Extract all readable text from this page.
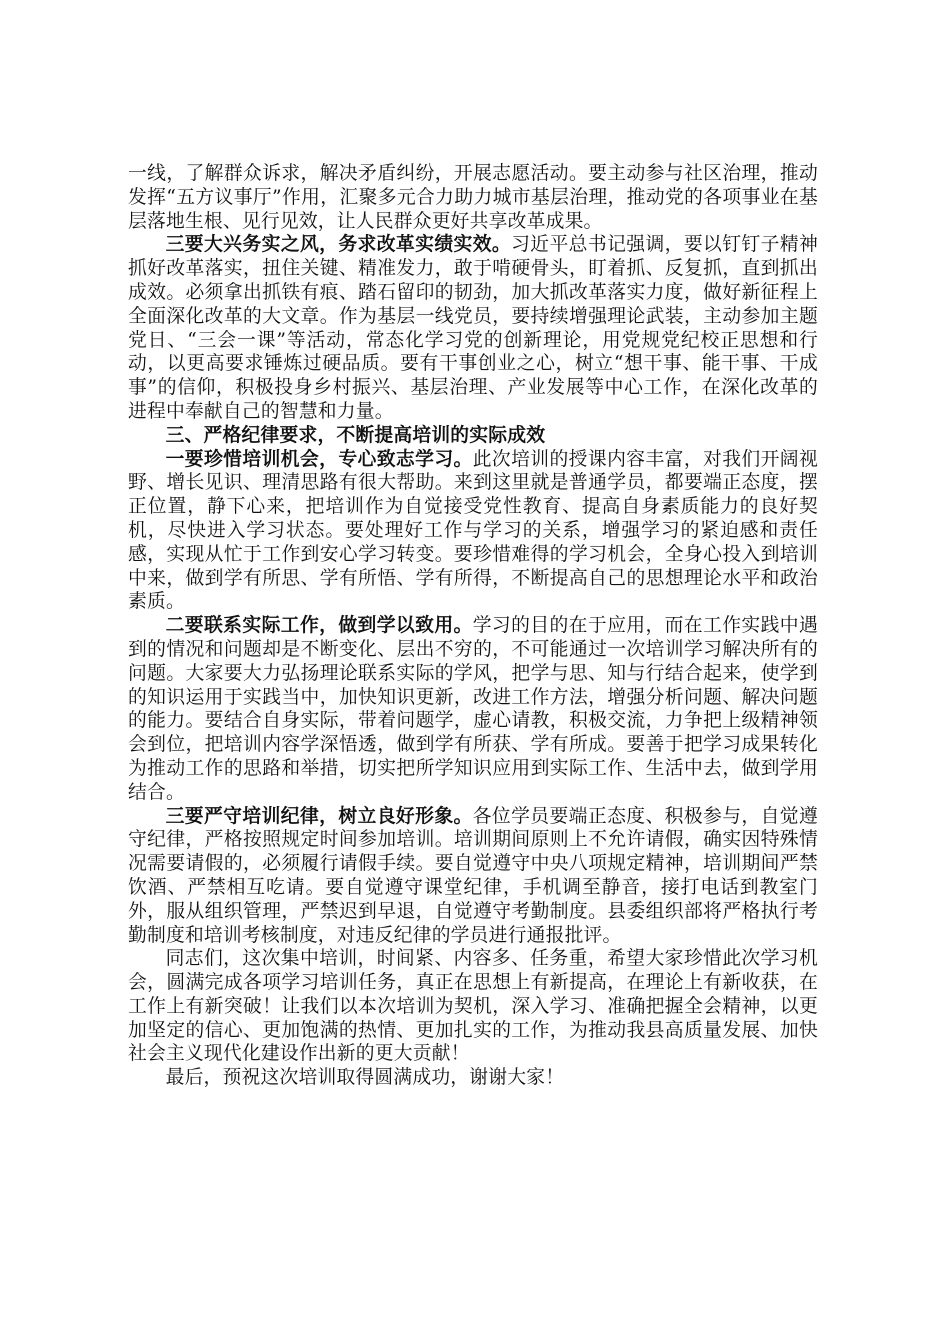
一线，了解群众诉求，解决矛盾纠纷，开展志愿活动。要主动参与社区治理，推动发挥“五方议事厅”作用，汇聚多元合力助力城市基层治理，推动党的各项事业在基层落地生根、见行见效，让人民群众更好共享改革成果。

三要大兴务实之风，务求改革实绩实效。习近平总书记强调，要以钉钉子精神抓好改革落实，扭住关键、精准发力，敢于啃硬骨头，盯着抓、反复抓，直到抓出成效。必须拿出抓铁有痕、踏石留印的韧劲，加大抓改革落实力度，做好新征程上全面深化改革的大文章。作为基层一线党员，要持续增强理论武装，主动参加主题党日、“三会一课”等活动，常态化学习党的创新理论，用党规党纪校正思想和行动，以更高要求锤炼过硬品质。要有干事创业之心，树立“想干事、能干事、干成事”的信仰，积极投身乡村振兴、基层治理、产业发展等中心工作，在深化改革的进程中奉献自己的智慧和力量。

三、严格纪律要求，不断提高培训的实际成效

一要珍惜培训机会，专心致志学习。此次培训的授课内容丰富，对我们开阔视野、增长见识、理清思路有很大帮助。来到这里就是普通学员，都要端正态度，摆正位置，静下心来，把培训作为自觉接受党性教育、提高自身素质能力的良好契机，尽快进入学习状态。要处理好工作与学习的关系，增强学习的紧迫感和责任感，实现从忙于工作到安心学习转变。要珍惜难得的学习机会，全身心投入到培训中来，做到学有所思、学有所悟、学有所得，不断提高自己的思想理论水平和政治素质。

二要联系实际工作，做到学以致用。学习的目的在于应用，而在工作实践中遇到的情况和问题却是不断变化、层出不穷的，不可能通过一次培训学习解决所有的问题。大家要大力弘扬理论联系实际的学风，把学与思、知与行结合起来，使学到的知识运用于实践当中，加快知识更新，改进工作方法，增强分析问题、解决问题的能力。要结合自身实际，带着问题学，虚心请教，积极交流，力争把上级精神领会到位，把培训内容学深悟透，做到学有所获、学有所成。要善于把学习成果转化为推动工作的思路和举措，切实把所学知识应用到实际工作、生活中去，做到学用结合。

三要严守培训纪律，树立良好形象。各位学员要端正态度、积极参与，自觉遵守纪律，严格按照规定时间参加培训。培训期间原则上不允许请假，确实因特殊情况需要请假的，必须履行请假手续。要自觉遵守中央八项规定精神，培训期间严禁饮酒、严禁相互吃请。要自觉遵守课堂纪律，手机调至静音，接打电话到教室门外，服从组织管理，严禁迟到早退，自觉遵守考勤制度。县委组织部将严格执行考勤制度和培训考核制度，对违反纪律的学员进行通报批评。

同志们，这次集中培训，时间紧、内容多、任务重，希望大家珍惜此次学习机会，圆满完成各项学习培训任务，真正在思想上有新提高，在理论上有新收获，在工作上有新突破！让我们以本次培训为契机，深入学习、准确把握全会精神，以更加坚定的信心、更加饱满的热情、更加扎实的工作，为推动我县高质量发展、加快社会主义现代化建设作出新的更大贡献！

最后，预祝这次培训取得圆满成功，谢谢大家！
